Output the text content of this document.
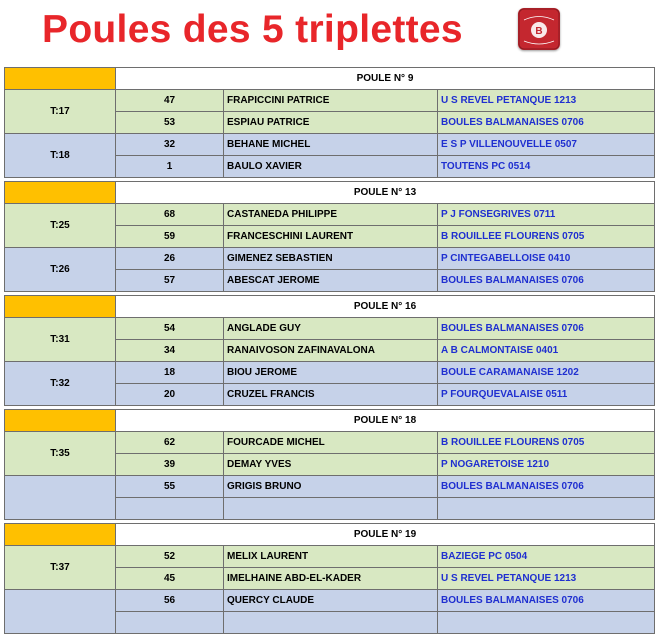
Poules des 5 triplettes	B
	POULE N° 9		
T:17	47	FRAPICCINI PATRICE	U S REVEL PETANQUE 1213
	53	ESPIAU PATRICE	BOULES BALMANAISES 0706
T:18	32	BEHANE MICHEL	E S P VILLENOUVELLE 0507
	1	BAULO XAVIER	TOUTENS PC 0514

	POULE N° 13		
T:25	68	CASTANEDA PHILIPPE	P J FONSEGRIVES 0711
	59	FRANCESCHINI LAURENT	B ROUILLEE FLOURENS 0705
T:26	26	GIMENEZ SEBASTIEN	P CINTEGABELLOISE 0410
	57	ABESCAT JEROME	BOULES BALMANAISES 0706

	POULE N° 16		
T:31	54	ANGLADE GUY	BOULES BALMANAISES 0706
	34	RANAIVOSON ZAFINAVALONA	A B CALMONTAISE 0401
T:32	18	BIOU JEROME	BOULE CARAMANAISE 1202
	20	CRUZEL FRANCIS	P FOURQUEVALAISE 0511

	POULE N° 18		
T:35	62	FOURCADE MICHEL	B ROUILLEE FLOURENS 0705
	39	DEMAY YVES	P NOGARETOISE 1210
	55	GRIGIS BRUNO	BOULES BALMANAISES 0706

	POULE N° 19		
T:37	52	MELIX LAURENT	BAZIEGE PC 0504
	45	IMELHAINE ABD-EL-KADER	U S REVEL PETANQUE 1213
	56	QUERCY CLAUDE	BOULES BALMANAISES 0706
